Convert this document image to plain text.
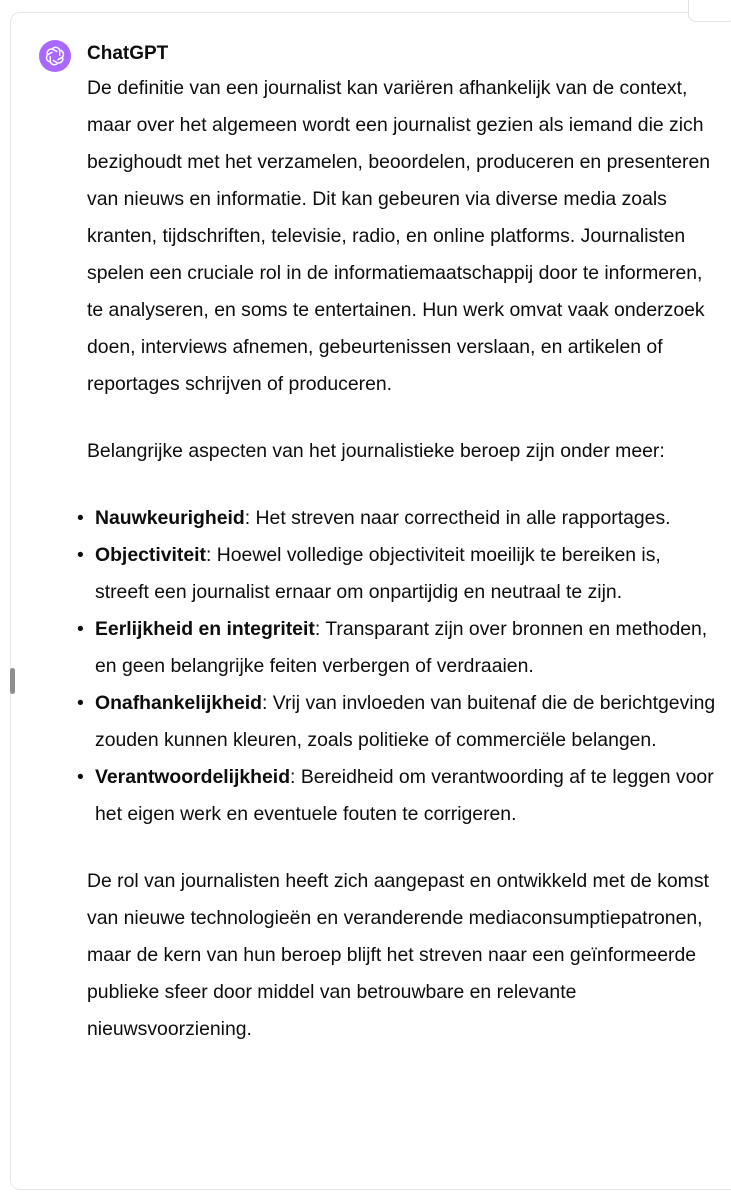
ChatGPT

De definitie van een journalist kan variëren afhankelijk van de context, maar over het algemeen wordt een journalist gezien als iemand die zich bezighoudt met het verzamelen, beoordelen, produceren en presenteren van nieuws en informatie. Dit kan gebeuren via diverse media zoals kranten, tijdschriften, televisie, radio, en online platforms. Journalisten spelen een cruciale rol in de informatiemaatschappij door te informeren, te analyseren, en soms te entertainen. Hun werk omvat vaak onderzoek doen, interviews afnemen, gebeurtenissen verslaan, en artikelen of reportages schrijven of produceren.

Belangrijke aspecten van het journalistieke beroep zijn onder meer:

• Nauwkeurigheid: Het streven naar correctheid in alle rapportages.
• Objectiviteit: Hoewel volledige objectiviteit moeilijk te bereiken is, streeft een journalist ernaar om onpartijdig en neutraal te zijn.
• Eerlijkheid en integriteit: Transparant zijn over bronnen en methoden, en geen belangrijke feiten verbergen of verdraaien.
• Onafhankelijkheid: Vrij van invloeden van buitenaf die de berichtgeving zouden kunnen kleuren, zoals politieke of commerciële belangen.
• Verantwoordelijkheid: Bereidheid om verantwoording af te leggen voor het eigen werk en eventuele fouten te corrigeren.

De rol van journalisten heeft zich aangepast en ontwikkeld met de komst van nieuwe technologieën en veranderende mediaconsumptiepatronen, maar de kern van hun beroep blijft het streven naar een geïnformeerde publieke sfeer door middel van betrouwbare en relevante nieuwsvoorziening.
